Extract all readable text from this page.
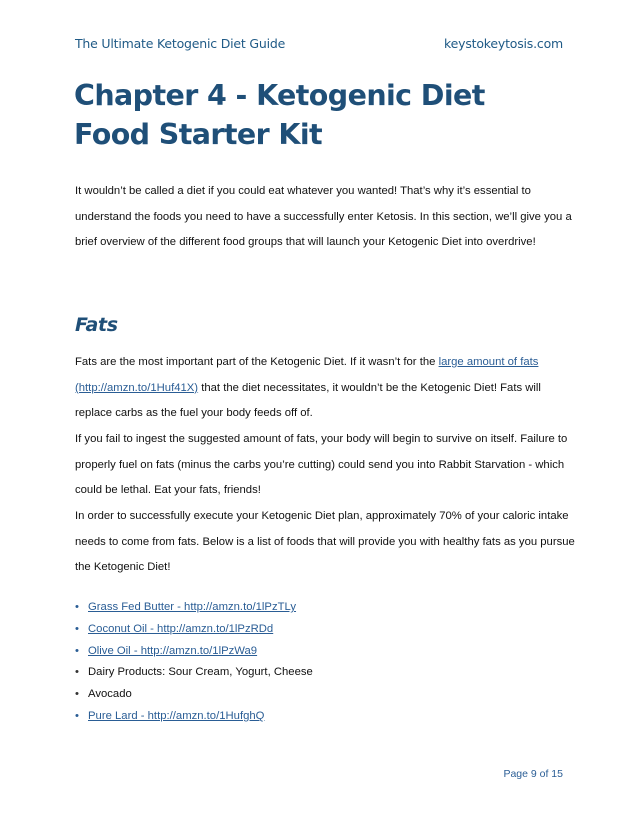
The Ultimate Ketogenic Diet Guide	keystokeytosis.com
Chapter 4 - Ketogenic Diet Food Starter Kit

It wouldn’t be called a diet if you could eat whatever you wanted! That’s why it’s essential to understand the foods you need to have a successfully enter Ketosis. In this section, we’ll give you a brief overview of the different food groups that will launch your Ketogenic Diet into overdrive!

Fats

Fats are the most important part of the Ketogenic Diet. If it wasn’t for the large amount of fats (http://amzn.to/1Huf41X) that the diet necessitates, it wouldn’t be the Ketogenic Diet! Fats will replace carbs as the fuel your body feeds off of.

If you fail to ingest the suggested amount of fats, your body will begin to survive on itself. Failure to properly fuel on fats (minus the carbs you’re cutting) could send you into Rabbit Starvation - which could be lethal. Eat your fats, friends!

In order to successfully execute your Ketogenic Diet plan, approximately 70% of your caloric intake needs to come from fats. Below is a list of foods that will provide you with healthy fats as you pursue the Ketogenic Diet!

• Grass Fed Butter - http://amzn.to/1lPzTLy
• Coconut Oil - http://amzn.to/1lPzRDd
• Olive Oil - http://amzn.to/1lPzWa9
• Dairy Products: Sour Cream, Yogurt, Cheese
• Avocado
• Pure Lard - http://amzn.to/1HufghQ
Page 9 of 15
